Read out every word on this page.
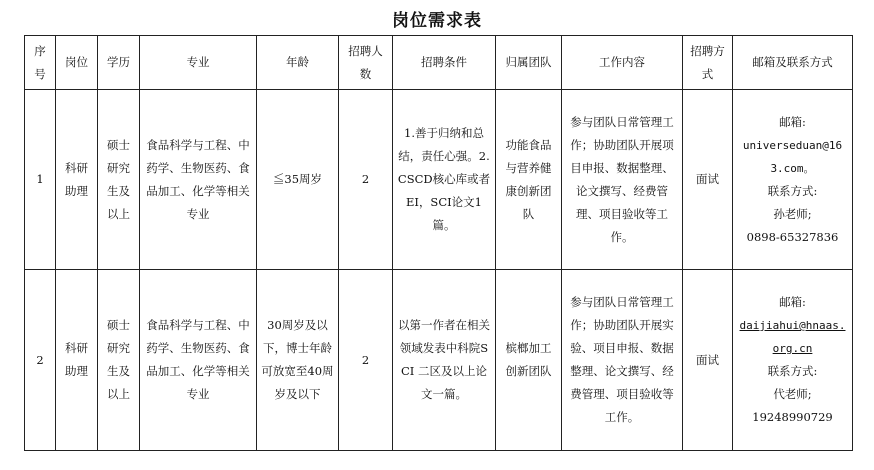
岗位需求表
序号	岗位	学历	专业	年龄	招聘人数	招聘条件	归属团队	工作内容	招聘方式	邮箱及联系方式
1	科研助理	硕士研究生及以上	食品科学与工程、中药学、生物医药、食品加工、化学等相关专业	≦35周岁	2	1.善于归纳和总结，责任心强。2.CSCD核心库或者EI，SCI论文1篇。	功能食品与营养健康创新团队	参与团队日常管理工作；协助团队开展项目申报、数据整理、论文撰写、经费管理、项目验收等工作。	面试	邮箱:
universeduan@163.com。
联系方式:
孙老师;
0898-65327836

2	科研助理	硕士研究生及以上	食品科学与工程、中药学、生物医药、食品加工、化学等相关专业	30周岁及以下，博士年龄可放宽至40周岁及以下	2	以第一作者在相关领域发表中科院SCI 二区及以上论文一篇。	槟榔加工创新团队	参与团队日常管理工作；协助团队开展实验、项目申报、数据整理、论文撰写、经费管理、项目验收等工作。	面试	邮箱:
daijiahui@hnaas.org.cn
联系方式:
代老师;
19248990729
